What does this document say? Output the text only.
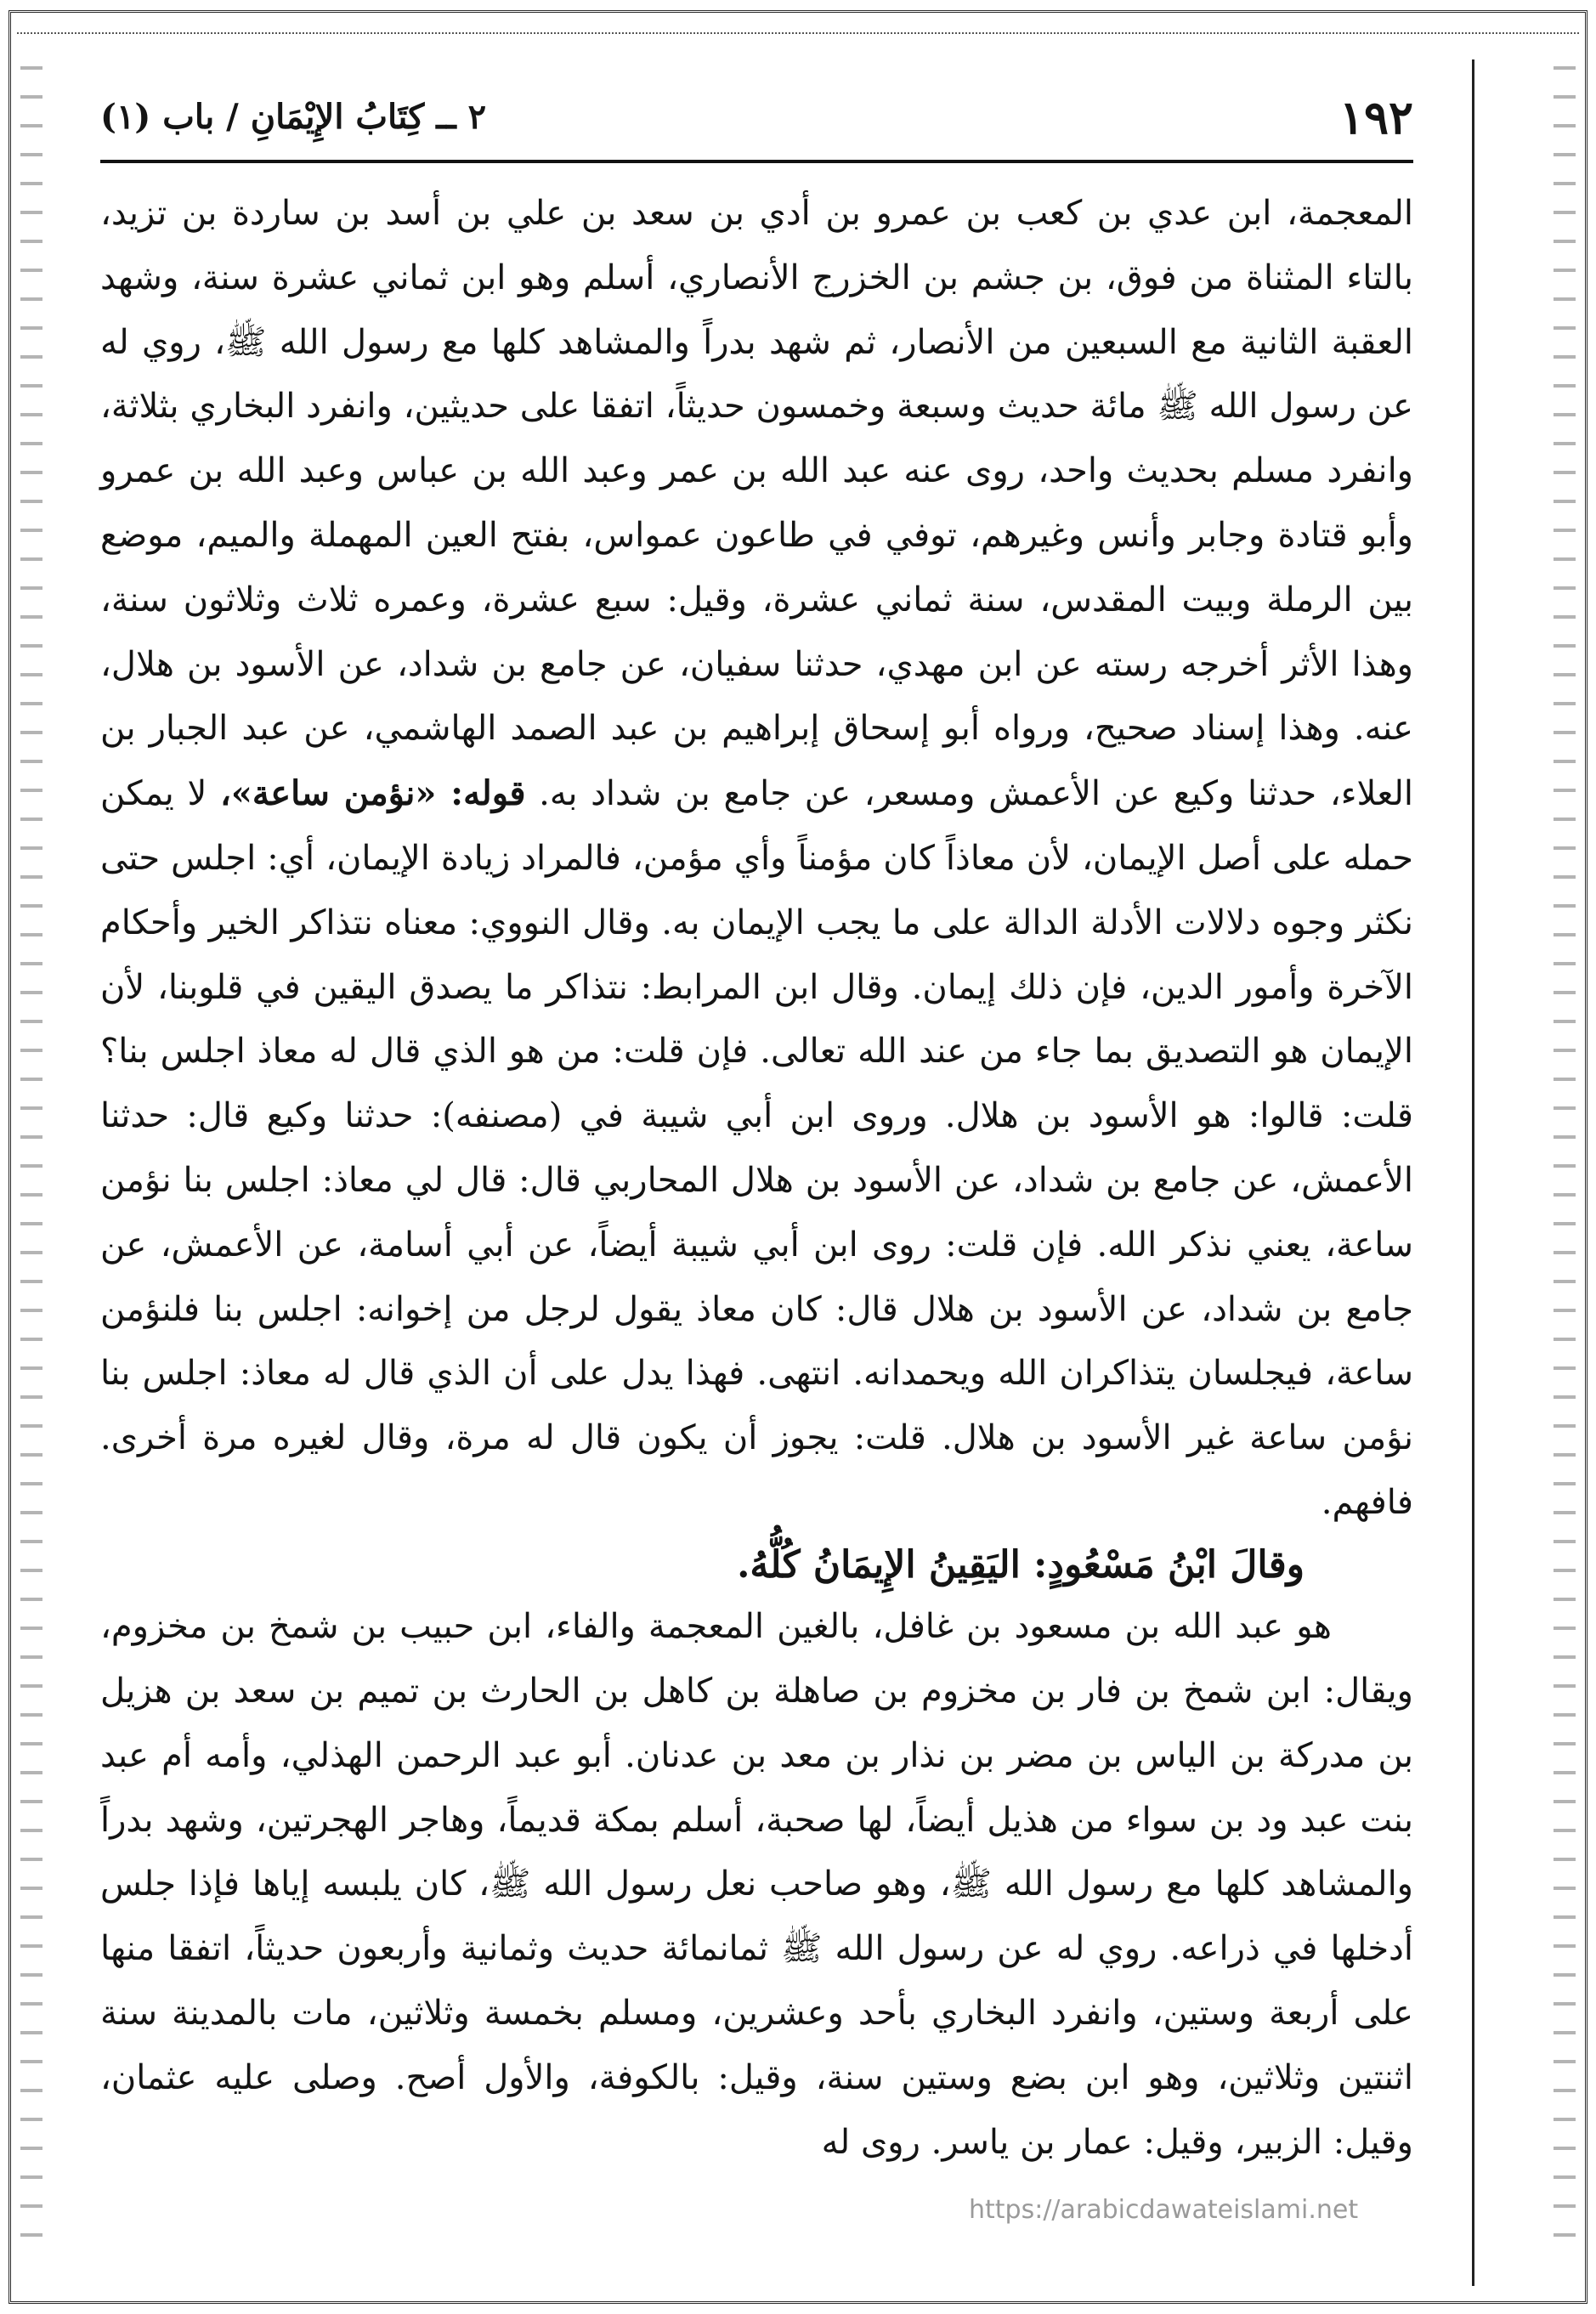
١٩٢
٢ ــ كِتَابُ الإِيْمَانِ / باب (١)

المعجمة، ابن عدي بن كعب بن عمرو بن أدي بن سعد بن علي بن أسد بن ساردة بن تزيد، بالتاء المثناة من فوق، بن جشم بن الخزرج الأنصاري، أسلم وهو ابن ثماني عشرة سنة، وشهد العقبة الثانية مع السبعين من الأنصار، ثم شهد بدراً والمشاهد كلها مع رسول الله ﷺ، روي له عن رسول الله ﷺ مائة حديث وسبعة وخمسون حديثاً، اتفقا على حديثين، وانفرد البخاري بثلاثة، وانفرد مسلم بحديث واحد، روى عنه عبد الله بن عمر وعبد الله بن عباس وعبد الله بن عمرو وأبو قتادة وجابر وأنس وغيرهم، توفي في طاعون عمواس، بفتح العين المهملة والميم، موضع بين الرملة وبيت المقدس، سنة ثماني عشرة، وقيل: سبع عشرة، وعمره ثلاث وثلاثون سنة، وهذا الأثر أخرجه رسته عن ابن مهدي، حدثنا سفيان، عن جامع بن شداد، عن الأسود بن هلال، عنه. وهذا إسناد صحيح، ورواه أبو إسحاق إبراهيم بن عبد الصمد الهاشمي، عن عبد الجبار بن العلاء، حدثنا وكيع عن الأعمش ومسعر، عن جامع بن شداد به. قوله: «نؤمن ساعة»، لا يمكن حمله على أصل الإيمان، لأن معاذاً كان مؤمناً وأي مؤمن، فالمراد زيادة الإيمان، أي: اجلس حتى نكثر وجوه دلالات الأدلة الدالة على ما يجب الإيمان به. وقال النووي: معناه نتذاكر الخير وأحكام الآخرة وأمور الدين، فإن ذلك إيمان. وقال ابن المرابط: نتذاكر ما يصدق اليقين في قلوبنا، لأن الإيمان هو التصديق بما جاء من عند الله تعالى. فإن قلت: من هو الذي قال له معاذ اجلس بنا؟ قلت: قالوا: هو الأسود بن هلال. وروى ابن أبي شيبة في (مصنفه): حدثنا وكيع قال: حدثنا الأعمش، عن جامع بن شداد، عن الأسود بن هلال المحاربي قال: قال لي معاذ: اجلس بنا نؤمن ساعة، يعني نذكر الله. فإن قلت: روى ابن أبي شيبة أيضاً، عن أبي أسامة، عن الأعمش، عن جامع بن شداد، عن الأسود بن هلال قال: كان معاذ يقول لرجل من إخوانه: اجلس بنا فلنؤمن ساعة، فيجلسان يتذاكران الله ويحمدانه. انتهى. فهذا يدل على أن الذي قال له معاذ: اجلس بنا نؤمن ساعة غير الأسود بن هلال. قلت: يجوز أن يكون قال له مرة، وقال لغيره مرة أخرى. فافهم.

وقالَ ابْنُ مَسْعُودٍ: اليَقِينُ الإِيمَانُ كُلُّهُ.

هو عبد الله بن مسعود بن غافل، بالغين المعجمة والفاء، ابن حبيب بن شمخ بن مخزوم، ويقال: ابن شمخ بن فار بن مخزوم بن صاهلة بن كاهل بن الحارث بن تميم بن سعد بن هزيل بن مدركة بن الياس بن مضر بن نذار بن معد بن عدنان. أبو عبد الرحمن الهذلي، وأمه أم عبد بنت عبد ود بن سواء من هذيل أيضاً، لها صحبة، أسلم بمكة قديماً، وهاجر الهجرتين، وشهد بدراً والمشاهد كلها مع رسول الله ﷺ، وهو صاحب نعل رسول الله ﷺ، كان يلبسه إياها فإذا جلس أدخلها في ذراعه. روي له عن رسول الله ﷺ ثمانمائة حديث وثمانية وأربعون حديثاً، اتفقا منها على أربعة وستين، وانفرد البخاري بأحد وعشرين، ومسلم بخمسة وثلاثين، مات بالمدينة سنة اثنتين وثلاثين، وهو ابن بضع وستين سنة، وقيل: بالكوفة، والأول أصح. وصلى عليه عثمان، وقيل: الزبير، وقيل: عمار بن ياسر. روى له

https://arabicdawateislami.net
